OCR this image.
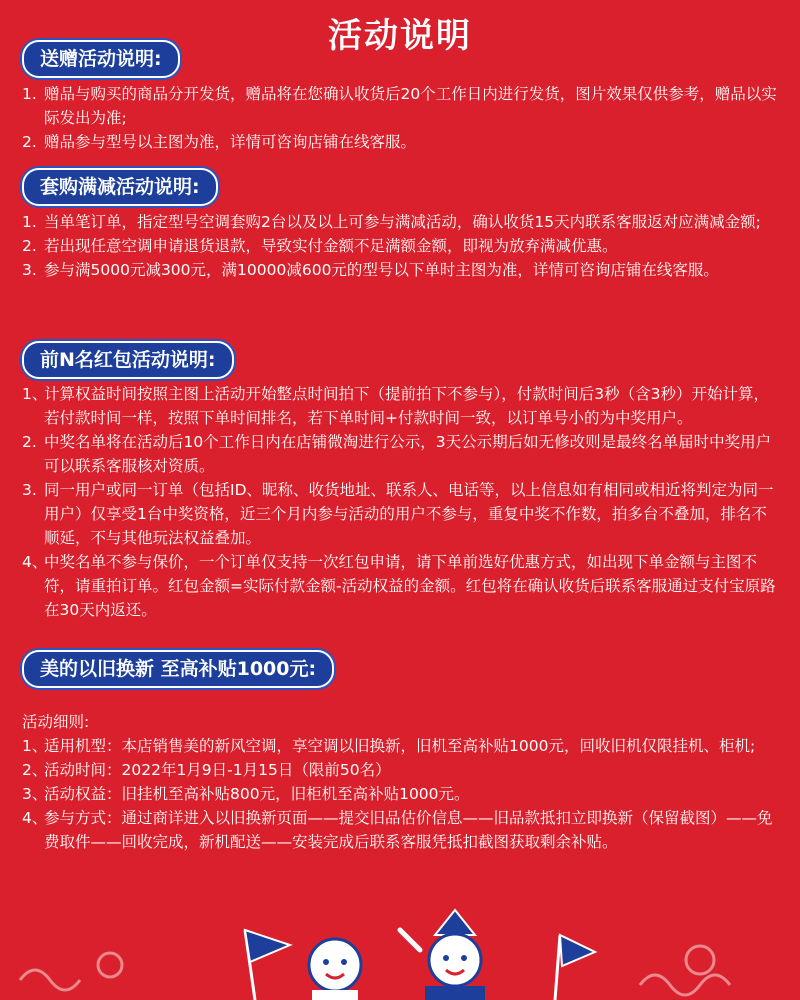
活动说明
送赠活动说明:
1. 赠品与购买的商品分开发货，赠品将在您确认收货后20个工作日内进行发货，图片效果仅供参考，赠品以实际发出为准;

2. 赠品参与型号以主图为准，详情可咨询店铺在线客服。

套购满减活动说明:
1. 当单笔订单，指定型号空调套购2台以及以上可参与满减活动，确认收货15天内联系客服返对应满减金额;

2. 若出现任意空调申请退货退款，导致实付金额不足满额金额，即视为放弃满减优惠。

3. 参与满5000元减300元，满10000减600元的型号以下单时主图为准，详情可咨询店铺在线客服。

前N名红包活动说明:
1、

计算权益时间按照主图上活动开始整点时间拍下（提前拍下不参与），付款时间后3秒（含3秒）开始计算，若付款时间一样，按照下单时间排名，若下单时间+付款时间一致，以订单号小的为中奖用户。

2. 中奖名单将在活动后10个工作日内在店铺微淘进行公示，3天公示期后如无修改则是最终名单届时中奖用户可以联系客服核对资质。

3. 同一用户或同一订单（包括ID、昵称、收货地址、联系人、电话等，以上信息如有相同或相近将判定为同一用户）仅享受1台中奖资格，近三个月内参与活动的用户不参与，重复中奖不作数，拍多台不叠加，排名不顺延，不与其他玩法权益叠加。

4、

中奖名单不参与保价，一个订单仅支持一次红包申请，请下单前选好优惠方式，如出现下单金额与主图不符，请重拍订单。红包金额=实际付款金额-活动权益的金额。红包将在确认收货后联系客服通过支付宝原路在30天内返还。

美的以旧换新 至高补贴1000元:

活动细则:

1、

适用机型：本店销售美的新风空调，享空调以旧换新，旧机至高补贴1000元，回收旧机仅限挂机、柜机;

2、

活动时间：2022年1月9日-1月15日（限前50名）

3、

活动权益：旧挂机至高补贴800元，旧柜机至高补贴1000元。

4、

参与方式：通过商详进入以旧换新页面——提交旧品估价信息——旧品款抵扣立即换新（保留截图）——免费取件——回收完成，新机配送——安装完成后联系客服凭抵扣截图获取剩余补贴。
